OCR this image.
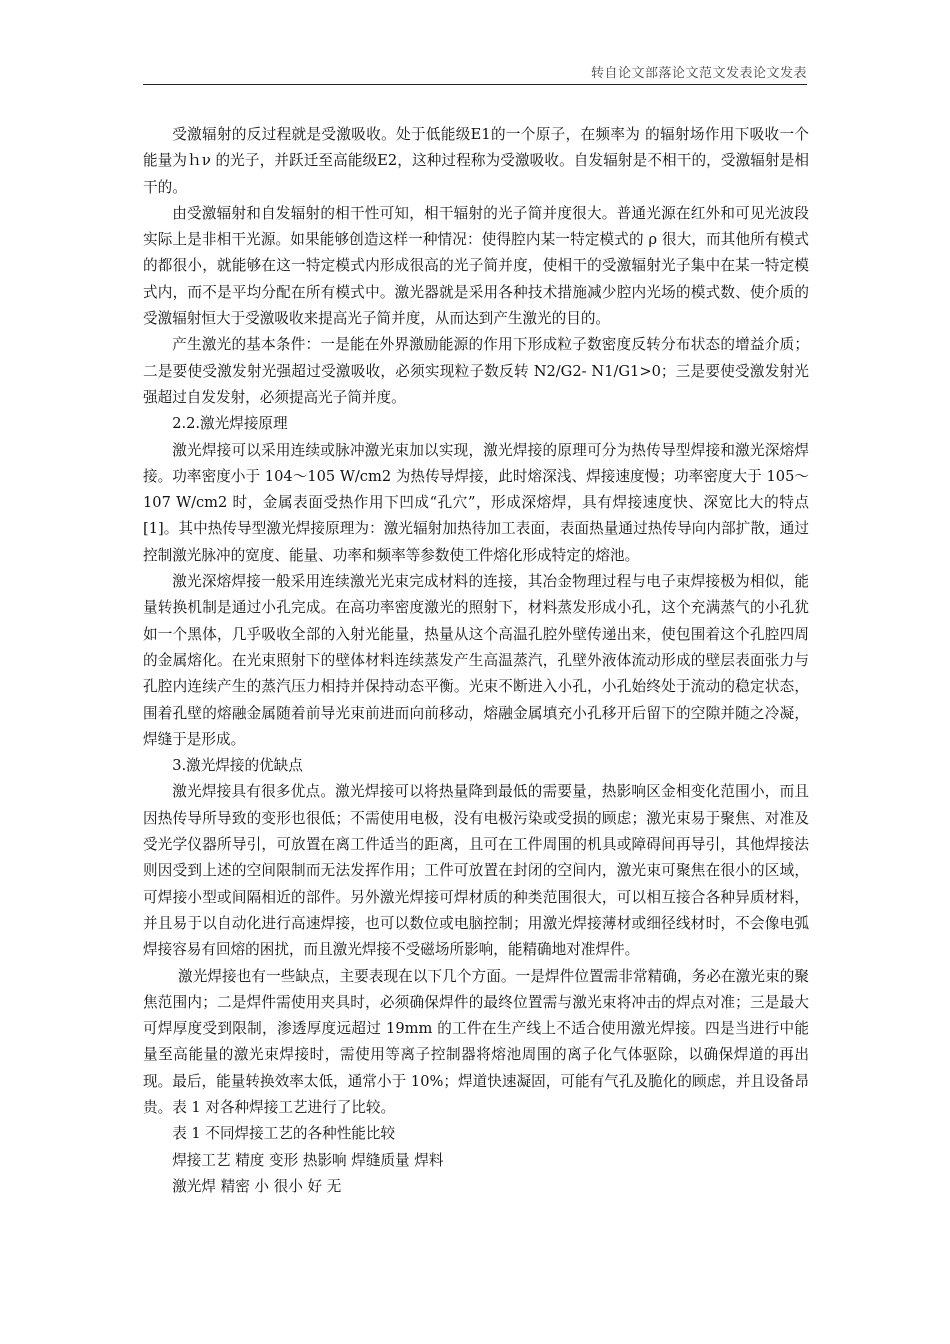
转自论文部落论文范文发表论文发表

受激辐射的反过程就是受激吸收。处于低能级E1的一个原子，在频率为 的辐射场作用下吸收一个能量为ｈν 的光子，并跃迁至高能级E2，这种过程称为受激吸收。自发辐射是不相干的，受激辐射是相干的。

由受激辐射和自发辐射的相干性可知，相干辐射的光子简并度很大。普通光源在红外和可见光波段实际上是非相干光源。如果能够创造这样一种情况：使得腔内某一特定模式的 ρ 很大，而其他所有模式的都很小，就能够在这一特定模式内形成很高的光子简并度，使相干的受激辐射光子集中在某一特定模式内，而不是平均分配在所有模式中。激光器就是采用各种技术措施减少腔内光场的模式数、使介质的受激辐射恒大于受激吸收来提高光子简并度，从而达到产生激光的目的。

产生激光的基本条件：一是能在外界激励能源的作用下形成粒子数密度反转分布状态的增益介质；二是要使受激发射光强超过受激吸收，必须实现粒子数反转 N2/G2- N1/G1>0；三是要使受激发射光强超过自发发射，必须提高光子简并度。

2.2.激光焊接原理

激光焊接可以采用连续或脉冲激光束加以实现，激光焊接的原理可分为热传导型焊接和激光深熔焊接。功率密度小于 104～105 W/cm2 为热传导焊接，此时熔深浅、焊接速度慢；功率密度大于 105～107 W/cm2 时，金属表面受热作用下凹成“孔穴”，形成深熔焊，具有焊接速度快、深宽比大的特点[1]。其中热传导型激光焊接原理为：激光辐射加热待加工表面，表面热量通过热传导向内部扩散，通过控制激光脉冲的宽度、能量、功率和频率等参数使工件熔化形成特定的熔池。

激光深熔焊接一般采用连续激光光束完成材料的连接，其冶金物理过程与电子束焊接极为相似，能量转换机制是通过小孔完成。在高功率密度激光的照射下，材料蒸发形成小孔，这个充满蒸气的小孔犹如一个黑体，几乎吸收全部的入射光能量，热量从这个高温孔腔外壁传递出来，使包围着这个孔腔四周的金属熔化。在光束照射下的壁体材料连续蒸发产生高温蒸汽，孔壁外液体流动形成的壁层表面张力与孔腔内连续产生的蒸汽压力相持并保持动态平衡。光束不断进入小孔，小孔始终处于流动的稳定状态，围着孔壁的熔融金属随着前导光束前进而向前移动，熔融金属填充小孔移开后留下的空隙并随之冷凝，焊缝于是形成。

3.激光焊接的优缺点

激光焊接具有很多优点。激光焊接可以将热量降到最低的需要量，热影响区金相变化范围小，而且因热传导所导致的变形也很低；不需使用电极，没有电极污染或受损的顾虑；激光束易于聚焦、对准及受光学仪器所导引，可放置在离工件适当的距离，且可在工件周围的机具或障碍间再导引，其他焊接法则因受到上述的空间限制而无法发挥作用；工件可放置在封闭的空间内，激光束可聚焦在很小的区域，可焊接小型或间隔相近的部件。另外激光焊接可焊材质的种类范围很大，可以相互接合各种异质材料，并且易于以自动化进行高速焊接，也可以数位或电脑控制；用激光焊接薄材或细径线材时，不会像电弧焊接容易有回熔的困扰，而且激光焊接不受磁场所影响，能精确地对准焊件。

激光焊接也有一些缺点，主要表现在以下几个方面。一是焊件位置需非常精确，务必在激光束的聚焦范围内；二是焊件需使用夹具时，必须确保焊件的最终位置需与激光束将冲击的焊点对准；三是最大可焊厚度受到限制，渗透厚度远超过 19mm 的工件在生产线上不适合使用激光焊接。四是当进行中能量至高能量的激光束焊接时，需使用等离子控制器将熔池周围的离子化气体驱除，以确保焊道的再出现。最后，能量转换效率太低，通常小于 10%；焊道快速凝固，可能有气孔及脆化的顾虑，并且设备昂贵。表 1 对各种焊接工艺进行了比较。

表 1 不同焊接工艺的各种性能比较

焊接工艺 精度 变形 热影响 焊缝质量 焊料

激光焊 精密 小 很小 好 无
